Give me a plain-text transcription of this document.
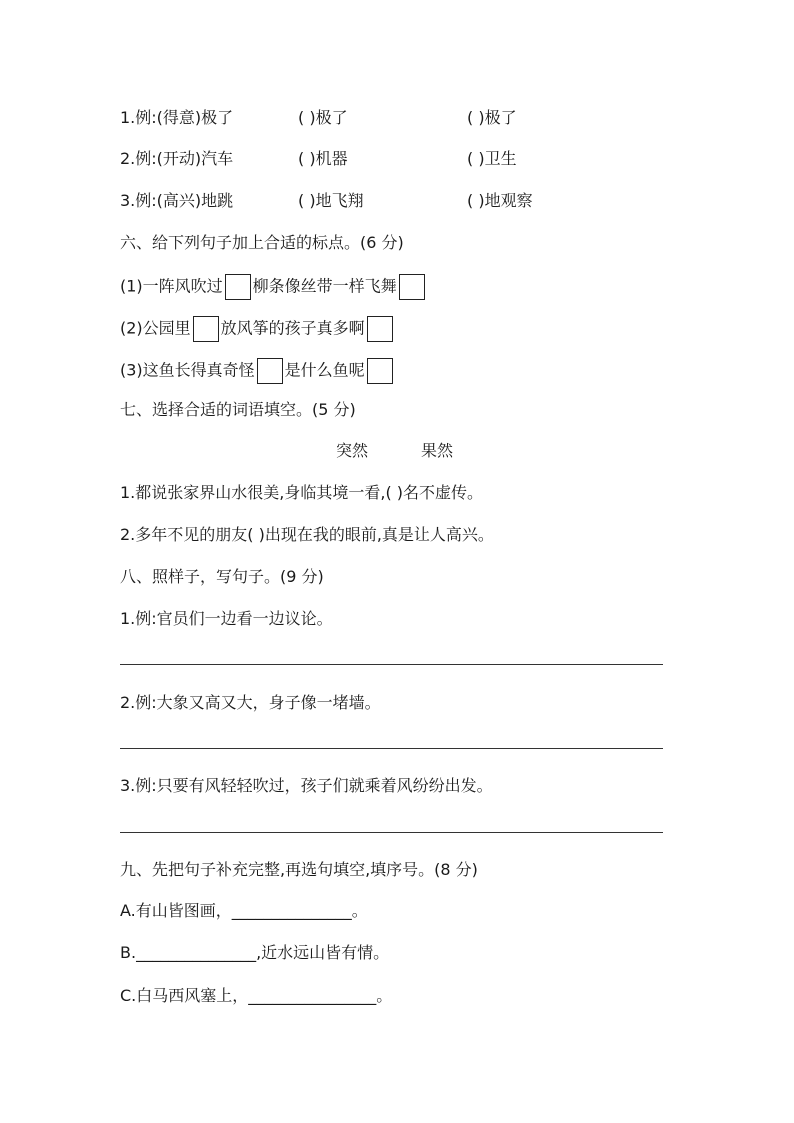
1.例:(得意)极了	( )极了	( )极了
2.例:(开动)汽车	( )机器	( )卫生
3.例:(高兴)地跳	( )地飞翔	( )地观察
六、给下列句子加上合适的标点。(6 分)
(1)一阵风吹过 柳条像丝带一样飞舞
(2)公园里 放风筝的孩子真多啊
(3)这鱼长得真奇怪 是什么鱼呢
七、选择合适的词语填空。(5 分)
突然	果然
1.都说张家界山水很美,身临其境一看,( )名不虚传。
2.多年不见的朋友( )出现在我的眼前,真是让人高兴。
八、照样子，写句子。(9 分)
1.例:官员们一边看一边议论。
2.例:大象又高又大，身子像一堵墙。
3.例:只要有风轻轻吹过，孩子们就乘着风纷纷出发。
九、先把句子补充完整,再选句填空,填序号。(8 分)
A.有山皆图画，_______________。
B._______________,近水远山皆有情。
C.白马西风塞上，________________。
